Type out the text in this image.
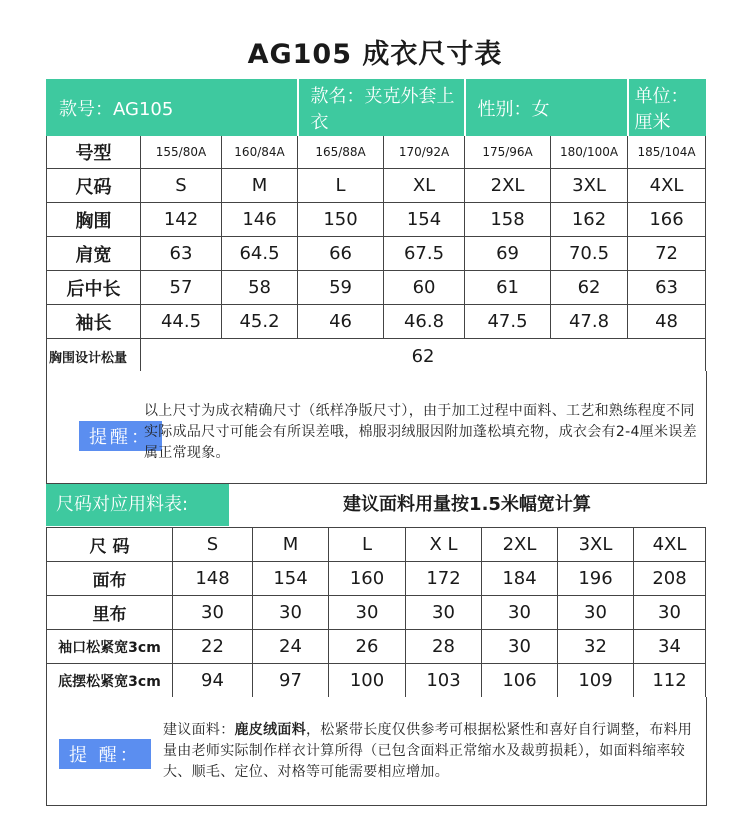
AG105 成衣尺寸表
款号：AG105			款名：夹克外套上衣		性别：女		单位：厘米
号型	155/80A	160/84A	165/88A	170/92A	175/96A	180/100A	185/104A
尺码	S	M	L	XL	2XL	3XL	4XL
胸围	142	146	150	154	158	162	166
肩宽	63	64.5	66	67.5	69	70.5	72
后中长	57	58	59	60	61	62	63
袖长	44.5	45.2	46	46.8	47.5	47.8	48
胸围设计松量	62						
提醒：
以上尺寸为成衣精确尺寸（纸样净版尺寸），由于加工过程中面料、工艺和熟练程度不同实际成品尺寸可能会有所误差哦，棉服羽绒服因附加蓬松填充物，成衣会有2-4厘米误差属正常现象。
尺码对应用料表:	建议面料用量按1.5米幅宽计算
尺 码	S	M	L	X L	2XL	3XL	4XL
面布	148	154	160	172	184	196	208
里布	30	30	30	30	30	30	30
袖口松紧宽3cm	22	24	26	28	30	32	34
底摆松紧宽3cm	94	97	100	103	106	109	112
提 醒：
建议面料：鹿皮绒面料，松紧带长度仅供参考可根据松紧性和喜好自行调整，布料用量由老师实际制作样衣计算所得（已包含面料正常缩水及裁剪损耗），如面料缩率较大、顺毛、定位、对格等可能需要相应增加。
